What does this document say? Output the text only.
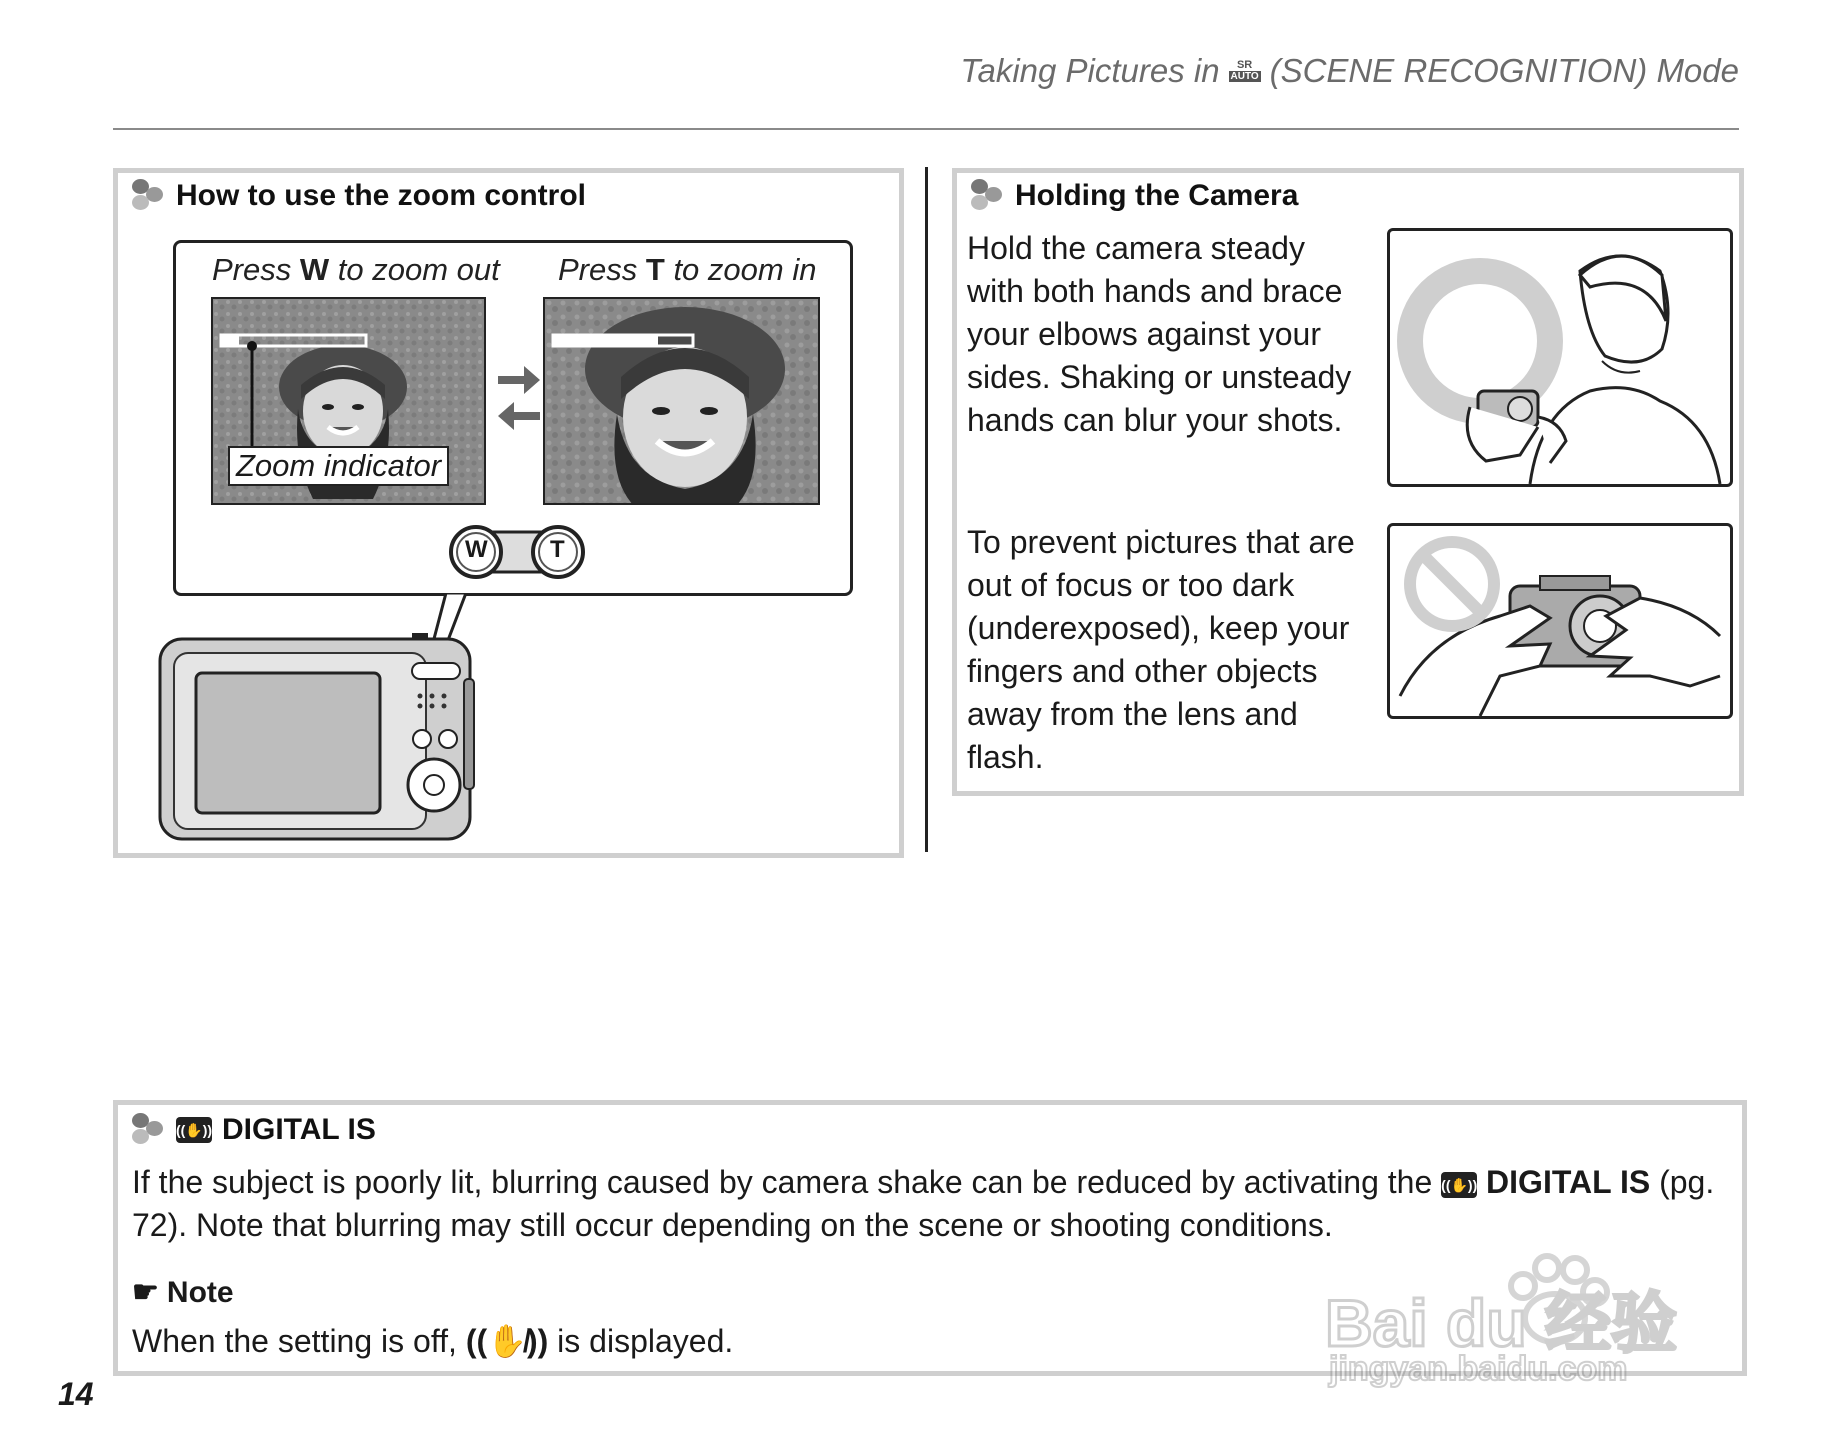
Taking Pictures in SR
AUTO (SCENE RECOGNITION) Mode
How to use the zoom control
Press W to zoom out Press T to zoom in
Zoom indicator
W	T
Holding the Camera
Hold the camera steady with both hands and brace your elbows against your sides. Shaking or unsteady hands can blur your shots.
To prevent pictures that are out of focus or too dark (underexposed), keep your fingers and other objects away from the lens and flash.
((✋)) DIGITAL IS
If the subject is poorly lit, blurring caused by camera shake can be reduced by activating the ((✋)) DIGITAL IS (pg. 72). Note that blurring may still occur depending on the scene or shooting conditions.
☛ Note
When the setting is off, ((✋̸)) is displayed.
14
Bai du 经验
jingyan.baidu.com
